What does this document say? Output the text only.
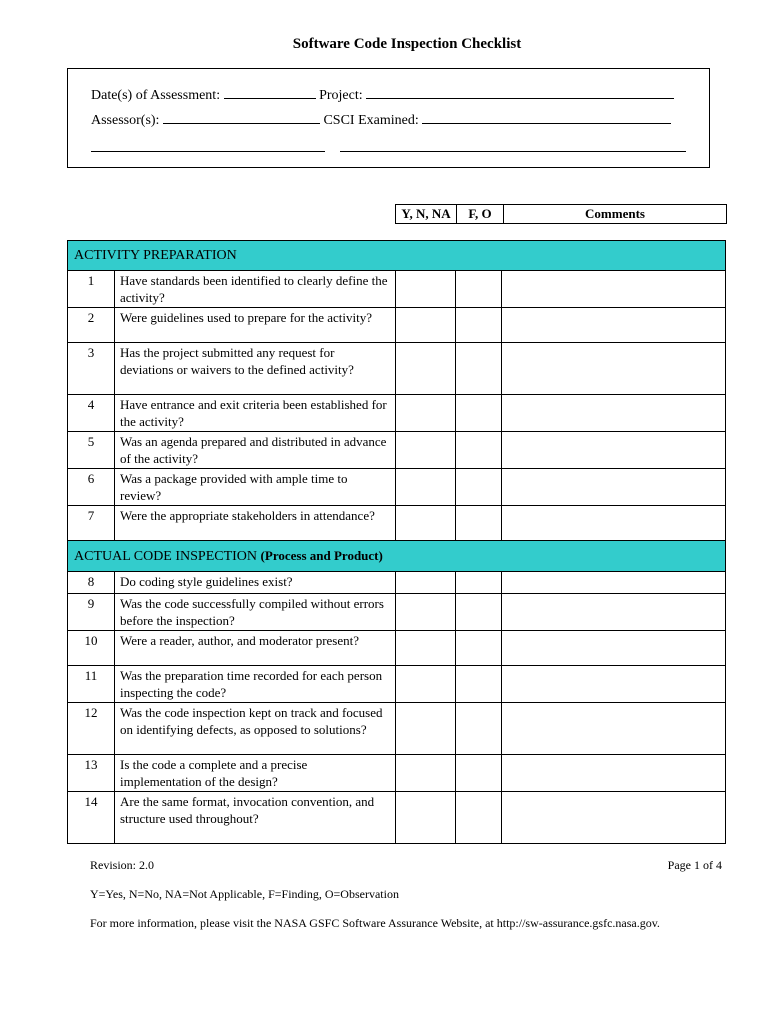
Software Code Inspection Checklist
Date(s) of Assessment:	Project:
Assessor(s):	CSCI Examined:
Y, N, NA	F, O	Comments
ACTIVITY PREPARATION				
1	Have standards been identified to clearly define the activity?			
2	Were guidelines used to prepare for the activity?			
3	Has the project submitted any request for deviations or waivers to the defined activity?			
4	Have entrance and exit criteria been established for the activity?			
5	Was an agenda prepared and distributed in advance of the activity?			
6	Was a package provided with ample time to review?			
7	Were the appropriate stakeholders in attendance?			
ACTUAL CODE INSPECTION (Process and Product)				
8	Do coding style guidelines exist?			
9	Was the code successfully compiled without errors before the inspection?			
10	Were a reader, author, and moderator present?			
11	Was the preparation time recorded for each person inspecting the code?			
12	Was the code inspection kept on track and focused on identifying defects, as opposed to solutions?			
13	Is the code a complete and a precise implementation of the design?			
14	Are the same format, invocation convention, and structure used throughout?			
Revision: 2.0	Page 1 of 4
Y=Yes, N=No, NA=Not Applicable, F=Finding, O=Observation
For more information, please visit the NASA GSFC Software Assurance Website, at http://sw-assurance.gsfc.nasa.gov.
